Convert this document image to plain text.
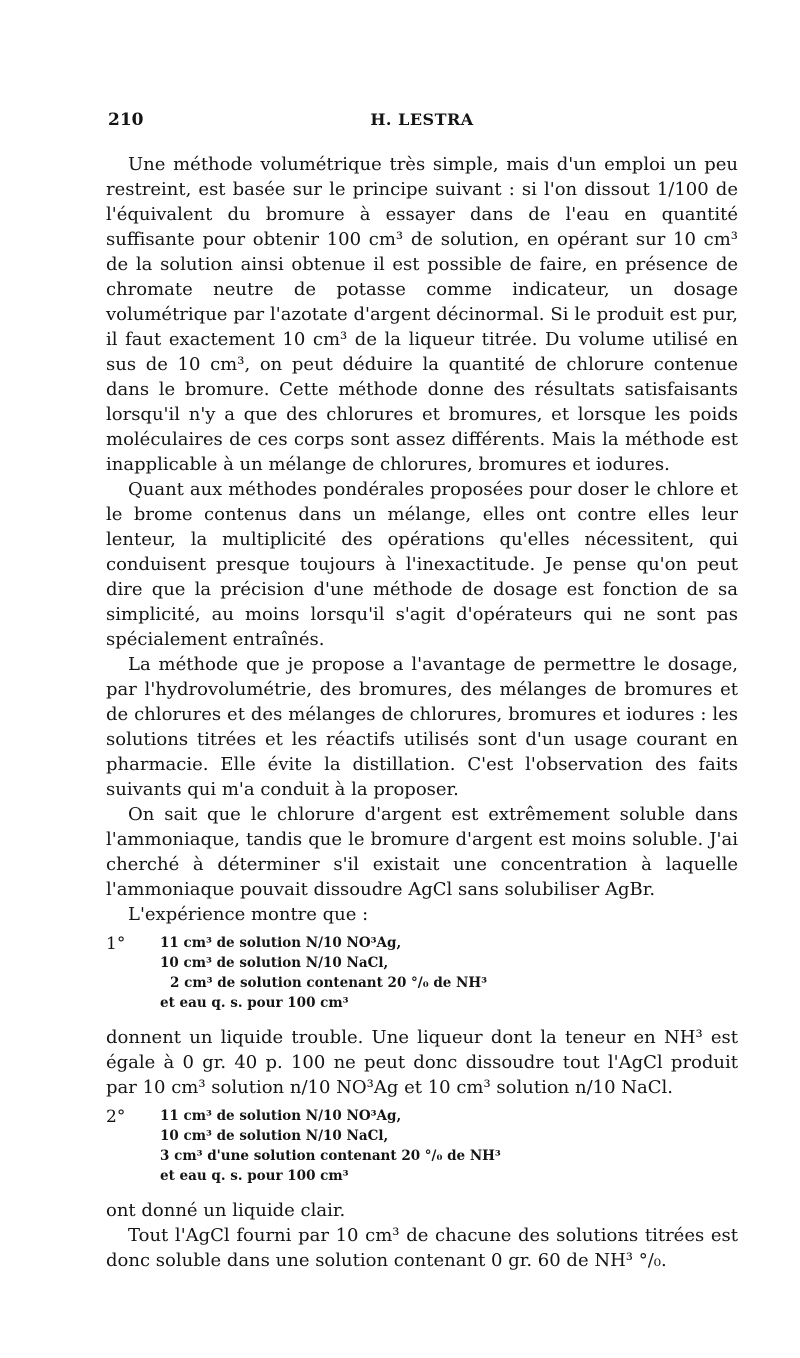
210	H. LESTRA

Une méthode volumétrique très simple, mais d'un emploi un peu restreint, est basée sur le principe suivant : si l'on dissout 1/100 de l'équivalent du bromure à essayer dans de l'eau en quantité suffisante pour obtenir 100 cm³ de solution, en opérant sur 10 cm³ de la solution ainsi obtenue il est possible de faire, en présence de chromate neutre de potasse comme indicateur, un dosage volumétrique par l'azotate d'argent décinormal. Si le produit est pur, il faut exactement 10 cm³ de la liqueur titrée. Du volume utilisé en sus de 10 cm³, on peut déduire la quantité de chlorure contenue dans le bromure. Cette méthode donne des résultats satisfaisants lorsqu'il n'y a que des chlorures et bromures, et lorsque les poids moléculaires de ces corps sont assez différents. Mais la méthode est inapplicable à un mélange de chlorures, bromures et iodures.

Quant aux méthodes pondérales proposées pour doser le chlore et le brome contenus dans un mélange, elles ont contre elles leur lenteur, la multiplicité des opérations qu'elles nécessitent, qui conduisent presque toujours à l'inexactitude. Je pense qu'on peut dire que la précision d'une méthode de dosage est fonction de sa simplicité, au moins lorsqu'il s'agit d'opérateurs qui ne sont pas spécialement entraînés.

La méthode que je propose a l'avantage de permettre le dosage, par l'hydrovolumétrie, des bromures, des mélanges de bromures et de chlorures et des mélanges de chlorures, bromures et iodures : les solutions titrées et les réactifs utilisés sont d'un usage courant en pharmacie. Elle évite la distillation. C'est l'observation des faits suivants qui m'a conduit à la proposer.

On sait que le chlorure d'argent est extrêmement soluble dans l'ammoniaque, tandis que le bromure d'argent est moins soluble. J'ai cherché à déterminer s'il existait une concentration à laquelle l'ammoniaque pouvait dissoudre AgCl sans solubiliser AgBr.

L'expérience montre que :

1°	11 cm³ de solution N/10 NO³Ag,
10 cm³ de solution N/10 NaCl,
2 cm³ de solution contenant 20 °/₀ de NH³
et eau q. s. pour 100 cm³

donnent un liquide trouble. Une liqueur dont la teneur en NH³ est égale à 0 gr. 40 p. 100 ne peut donc dissoudre tout l'AgCl produit par 10 cm³ solution n/10 NO³Ag et 10 cm³ solution n/10 NaCl.

2°	11 cm³ de solution N/10 NO³Ag,
10 cm³ de solution N/10 NaCl,
3 cm³ d'une solution contenant 20 °/₀ de NH³
et eau q. s. pour 100 cm³

ont donné un liquide clair.

Tout l'AgCl fourni par 10 cm³ de chacune des solutions titrées est donc soluble dans une solution contenant 0 gr. 60 de NH³ °/₀.
